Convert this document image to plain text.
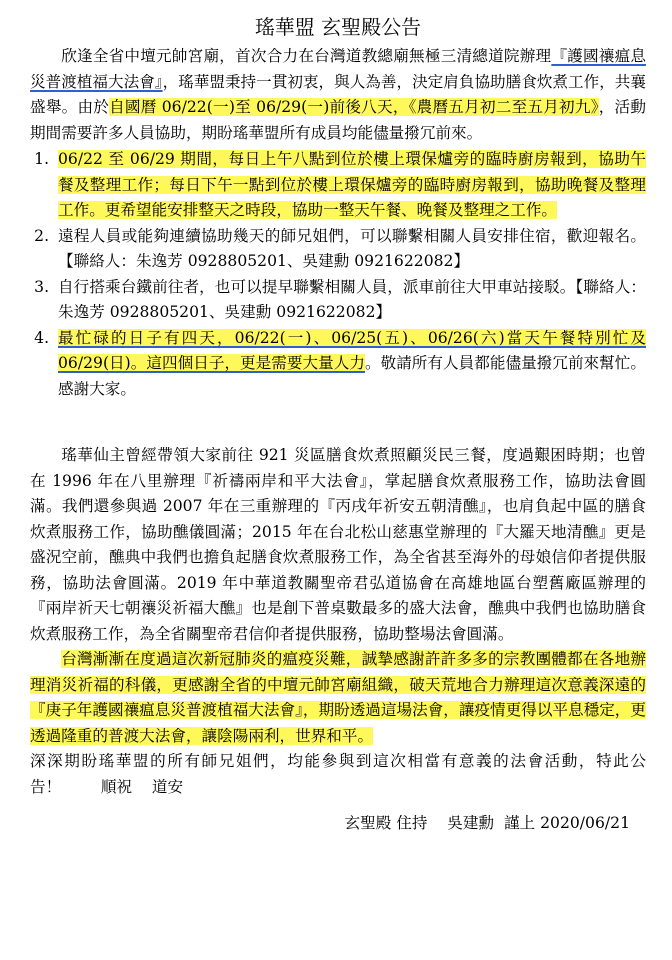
瑤華盟 玄聖殿公告

欣逢全省中壇元帥宮廟，首次合力在台灣道教總廟無極三清總道院辦理『護國禳瘟息災普渡植福大法會』，瑤華盟秉持一貫初衷，與人為善，決定肩負協助膳食炊煮工作，共襄盛舉。由於自國曆 06/22(一)至 06/29(一)前後八天，《農曆五月初二至五月初九》，活動期間需要許多人員協助，期盼瑤華盟所有成員均能儘量撥冗前來。

1. 06/22 至 06/29 期間，每日上午八點到位於樓上環保爐旁的臨時廚房報到，協助午餐及整理工作；每日下午一點到位於樓上環保爐旁的臨時廚房報到，協助晚餐及整理工作。更希望能安排整天之時段，協助一整天午餐、晚餐及整理之工作。
2. 遠程人員或能夠連續協助幾天的師兄姐們，可以聯繫相關人員安排住宿，歡迎報名。【聯絡人：朱逸芳 0928805201、吳建勳 0921622082】
3. 自行搭乘台鐵前往者，也可以提早聯繫相關人員，派車前往大甲車站接駁。【聯絡人：朱逸芳 0928805201、吳建勳 0921622082】
4. 最忙碌的日子有四天，06/22(一)、06/25(五)、06/26(六)當天午餐特別忙及 06/29(日)。這四個日子，更是需要大量人力。敬請所有人員都能儘量撥冗前來幫忙。感謝大家。

瑤華仙主曾經帶領大家前往 921 災區膳食炊煮照顧災民三餐，度過艱困時期；也曾在 1996 年在八里辦理『祈禱兩岸和平大法會』，掌起膳食炊煮服務工作，協助法會圓滿。我們還參與過 2007 年在三重辦理的『丙戌年祈安五朝清醮』，也肩負起中區的膳食炊煮服務工作，協助醮儀圓滿；2015 年在台北松山慈惠堂辦理的『大羅天地清醮』更是盛況空前，醮典中我們也擔負起膳食炊煮服務工作，為全省甚至海外的母娘信仰者提供服務，協助法會圓滿。2019 年中華道教關聖帝君弘道協會在高雄地區台塑舊廠區辦理的『兩岸祈天七朝禳災祈福大醮』也是創下普桌數最多的盛大法會，醮典中我們也協助膳食炊煮服務工作，為全省關聖帝君信仰者提供服務，協助整場法會圓滿。

台灣漸漸在度過這次新冠肺炎的瘟疫災難，誠摯感謝許許多多的宗教團體都在各地辦理消災祈福的科儀，更感謝全省的中壇元帥宮廟組織，破天荒地合力辦理這次意義深遠的『庚子年護國禳瘟息災普渡植福大法會』，期盼透過這場法會，讓疫情更得以平息穩定，更透過隆重的普渡大法會，讓陰陽兩利，世界和平。

深深期盼瑤華盟的所有師兄姐們，均能參與到這次相當有意義的法會活動，特此公告！	順祝    道安

玄聖殿 住持    吳建勳  謹上 2020/06/21
